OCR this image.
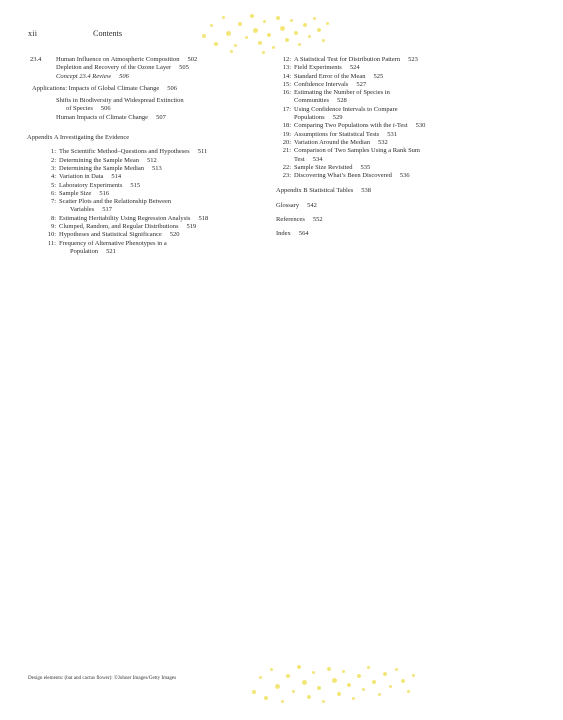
xii	Contents
23.4 Human Influence on Atmospheric Composition 502
Depletion and Recovery of the Ozone Layer 505
Concept 23.4 Review 506
Applications: Impacts of Global Climate Change 506
Shifts in Biodiversity and Widespread Extinction
of Species 506
Human Impacts of Climate Change 507
Appendix A Investigating the Evidence
1: The Scientific Method–Questions and Hypotheses 511
2: Determining the Sample Mean 512
3: Determining the Sample Median 513
4: Variation in Data 514
5: Laboratory Experiments 515
6: Sample Size 516
7: Scatter Plots and the Relationship Between
Variables 517
8: Estimating Heritability Using Regression Analysis 518
9: Clumped, Random, and Regular Distributions 519
10: Hypotheses and Statistical Significance 520
11: Frequency of Alternative Phenotypes in a
Population 521
12: A Statistical Test for Distribution Pattern 523
13: Field Experiments 524
14: Standard Error of the Mean 525
15: Confidence Intervals 527
16: Estimating the Number of Species in
Communities 528
17: Using Confidence Intervals to Compare
Populations 529
18: Comparing Two Populations with the t-Test 530
19: Assumptions for Statistical Tests 531
20: Variation Around the Median 532
21: Comparison of Two Samples Using a Rank Sum
Test 534
22: Sample Size Revisited 535
23: Discovering What’s Been Discovered 536
Appendix B Statistical Tables 538
Glossary 542
References 552
Index 564
Design elements: (bat and cactus flower): ©Johner Images/Getty Images
